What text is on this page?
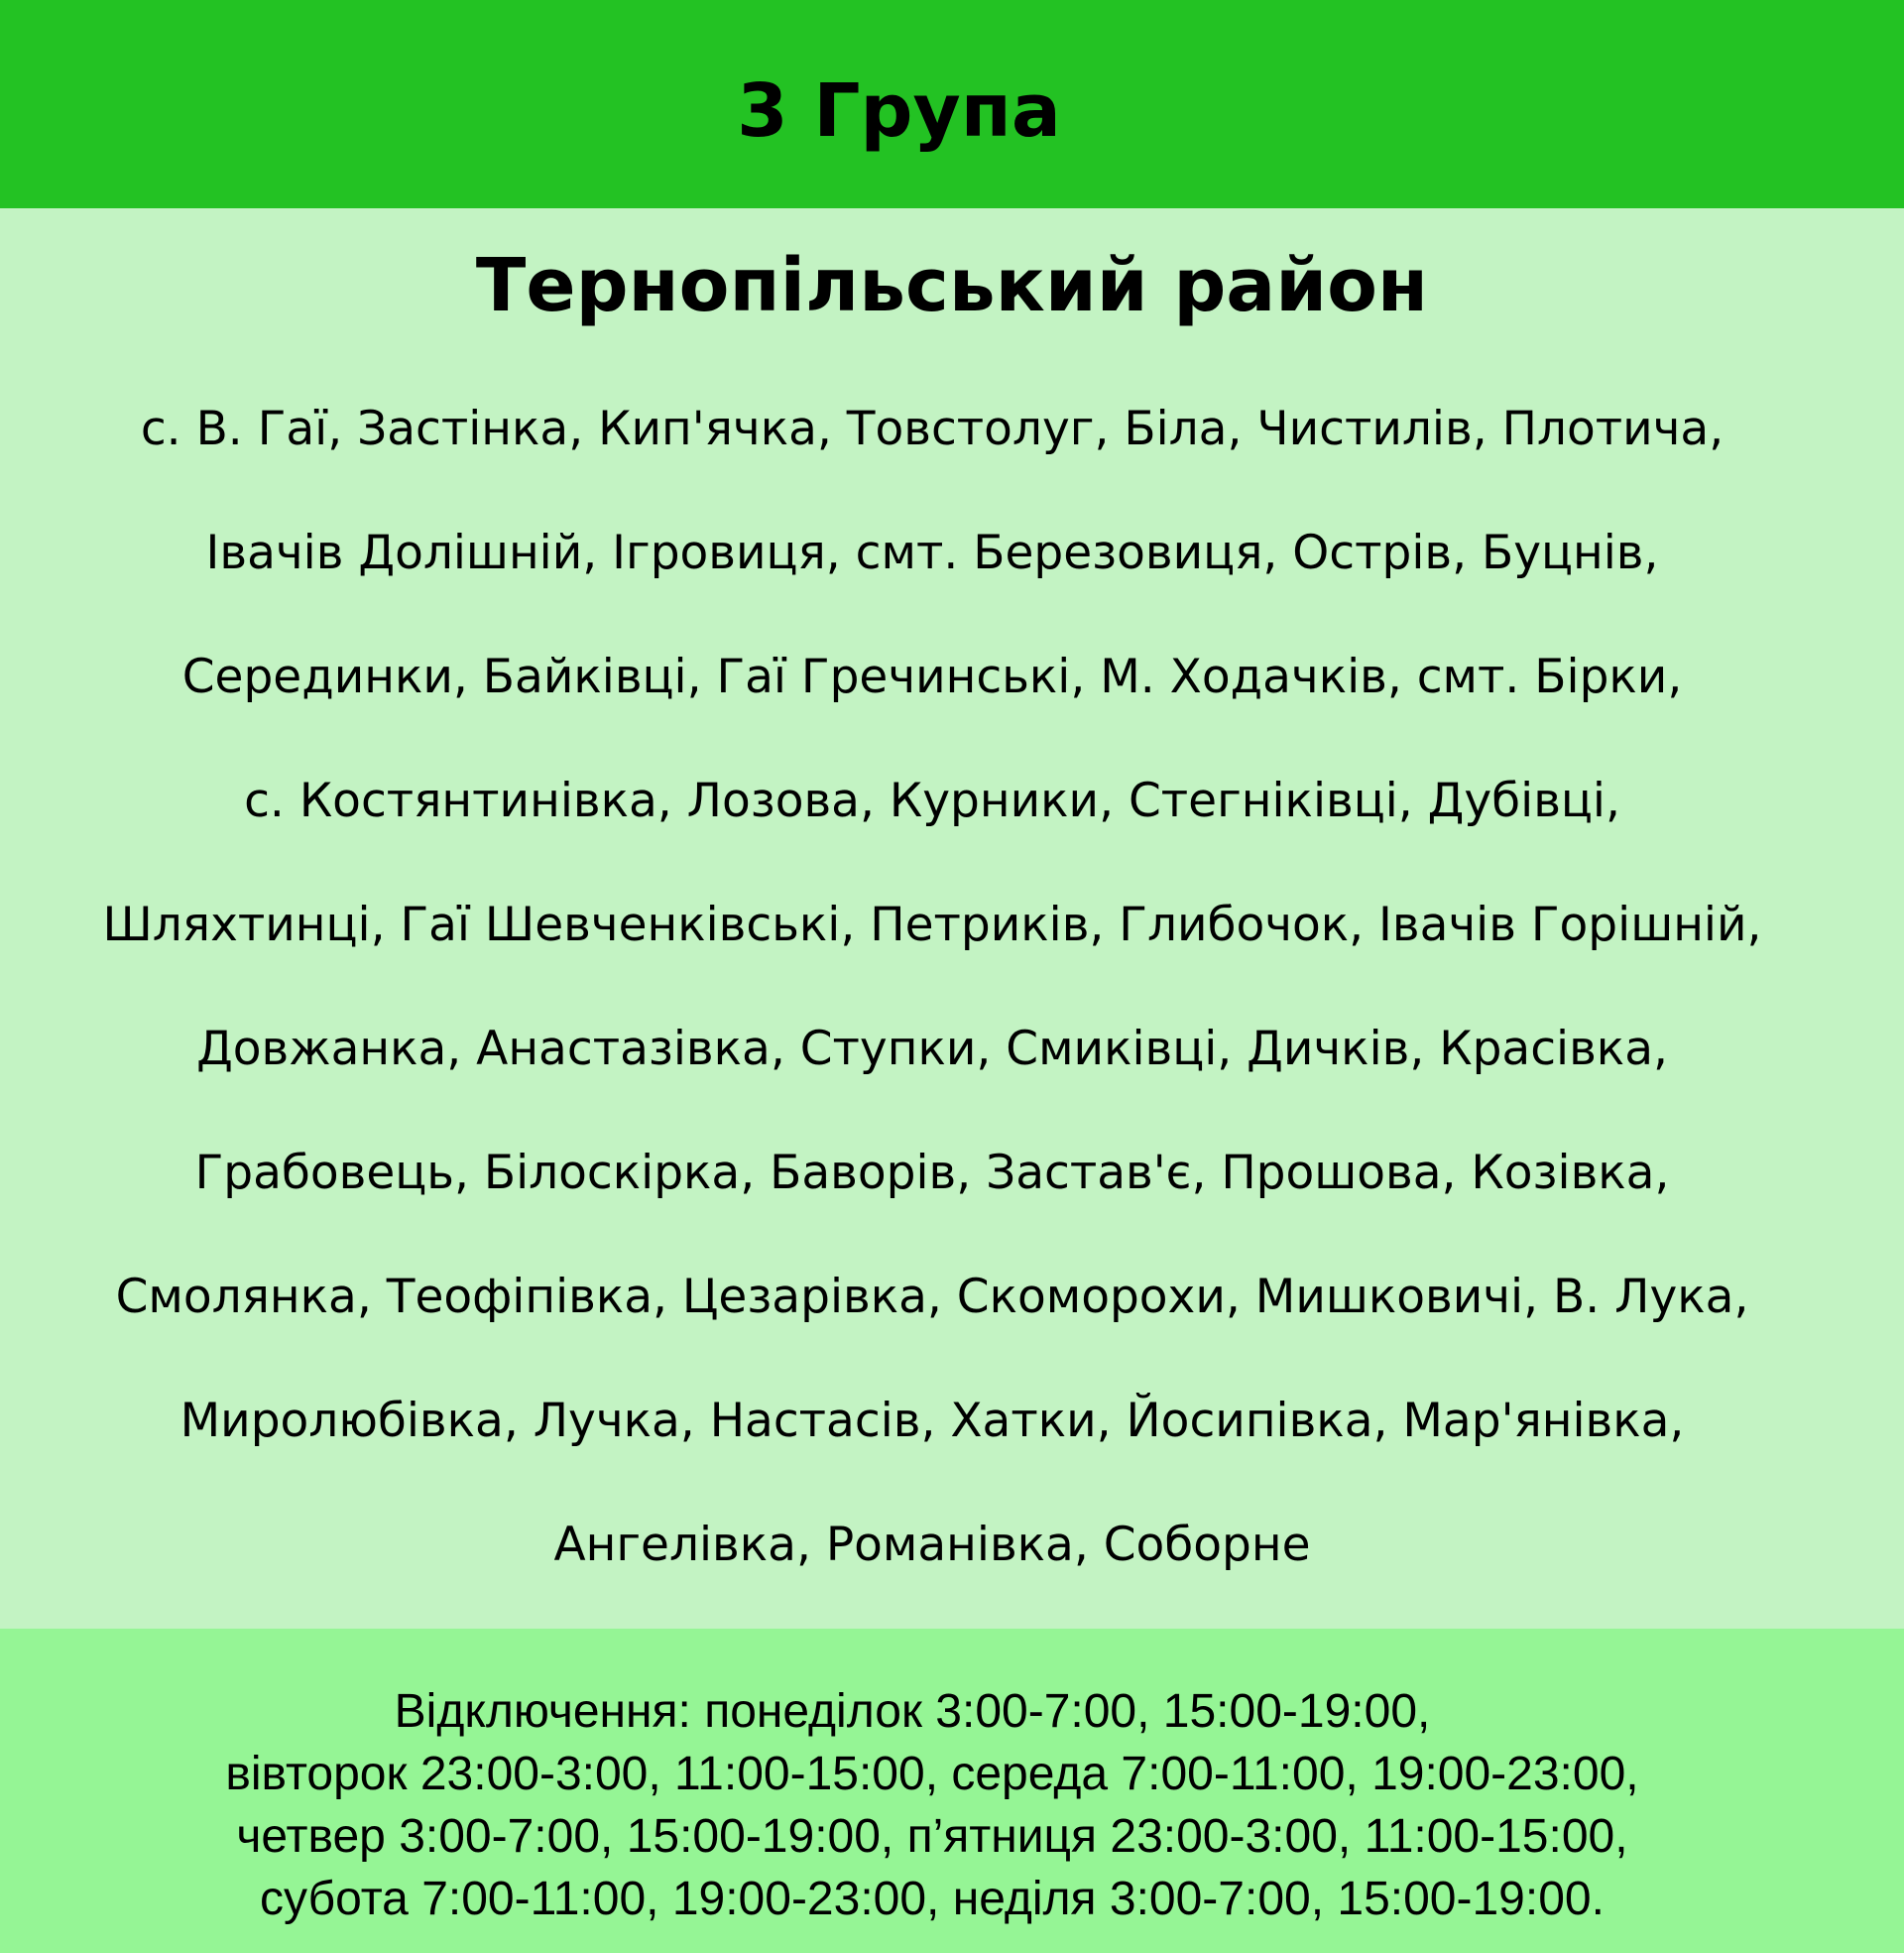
3 Група
Тернопільський район
с. В. Гаї, Застінка, Кип'ячка, Товстолуг, Біла, Чистилів, Плотича,
Івачів Долішній, Ігровиця, смт. Березовиця, Острів, Буцнів,
Серединки, Байківці, Гаї Гречинські, М. Ходачків, смт. Бірки,
с. Костянтинівка, Лозова, Курники, Стегніківці, Дубівці,
Шляхтинці, Гаї Шевченківські, Петриків, Глибочок, Івачів Горішній,
Довжанка, Анастазівка, Ступки, Смиківці, Дичків, Красівка,
Грабовець, Білоскірка, Баворів, Застав'є, Прошова, Козівка,
Смолянка, Теофіпівка, Цезарівка, Скоморохи, Мишковичі, В. Лука,
Миролюбівка, Лучка, Настасів, Хатки, Йосипівка, Мар'янівка,
Ангелівка, Романівка, Соборне
Відключення: понеділок 3:00-7:00, 15:00-19:00,
вівторок 23:00-3:00, 11:00-15:00, середа 7:00-11:00, 19:00-23:00,
четвер 3:00-7:00, 15:00-19:00, п’ятниця 23:00-3:00, 11:00-15:00,
субота 7:00-11:00, 19:00-23:00, неділя 3:00-7:00, 15:00-19:00.
